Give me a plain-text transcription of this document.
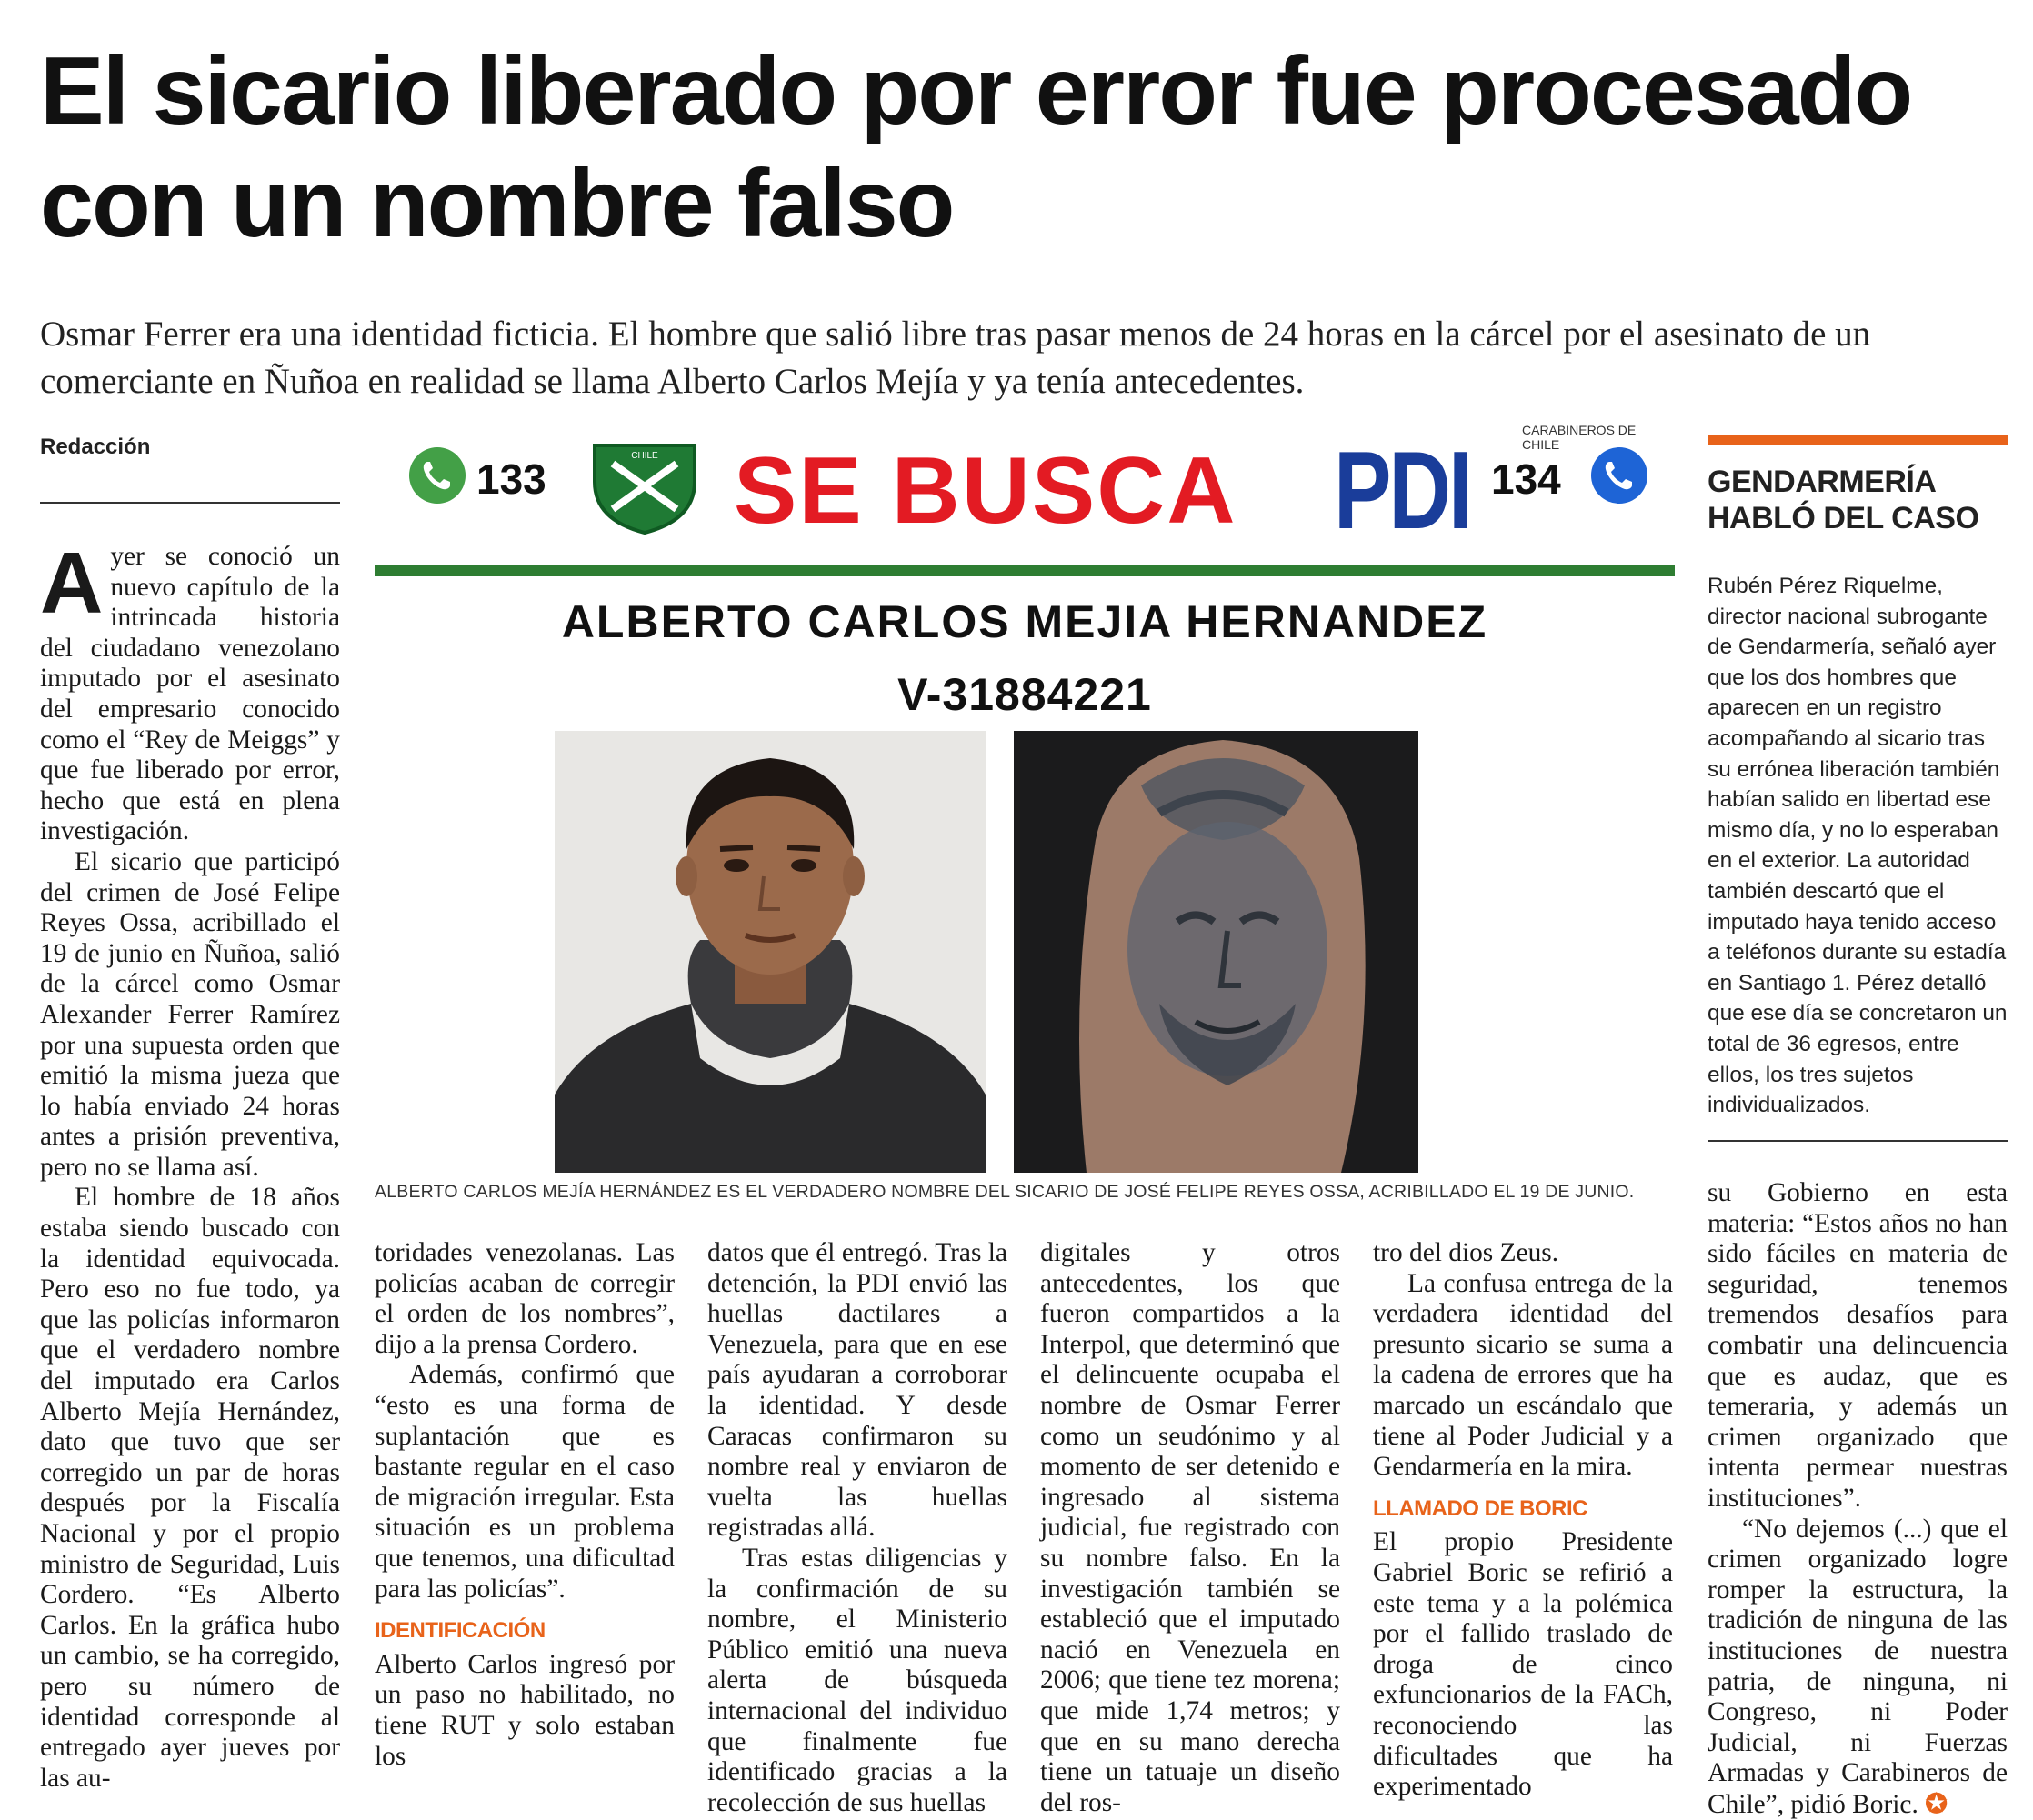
El sicario liberado por error fue procesado con un nombre falso

Osmar Ferrer era una identidad ficticia. El hombre que salió libre tras pasar menos de 24 horas en la cárcel por el asesinato de un comerciante en Ñuñoa en realidad se llama Alberto Carlos Mejía y ya tenía antecedentes.

Redacción

Ayer se conoció un nuevo capítulo de la intrincada historia del ciudadano venezolano imputado por el asesinato del empresario conocido como el “Rey de Meiggs” y que fue liberado por error, hecho que está en plena investigación.

El sicario que participó del crimen de José Felipe Reyes Ossa, acribillado el 19 de junio en Ñuñoa, salió de la cárcel como Osmar Alexander Ferrer Ramírez por una supuesta orden que emitió la misma jueza que lo había enviado 24 horas antes a prisión preventiva, pero no se llama así.

El hombre de 18 años estaba siendo buscado con la identidad equivocada. Pero eso no fue todo, ya que las policías informaron que el verdadero nombre del imputado era Carlos Alberto Mejía Hernández, dato que tuvo que ser corregido un par de horas después por la Fiscalía Nacional y por el propio ministro de Seguridad, Luis Cordero. “Es Alberto Carlos. En la gráfica hubo un cambio, se ha corregido, pero su número de identidad corresponde al entregado ayer jueves por las au-

133	CHILE SE BUSCA PDI	CARABINEROS DE CHILE
134
ALBERTO CARLOS MEJIA HERNANDEZ
V-31884221
ALBERTO CARLOS MEJÍA HERNÁNDEZ ES EL VERDADERO NOMBRE DEL SICARIO DE JOSÉ FELIPE REYES OSSA, ACRIBILLADO EL 19 DE JUNIO.

toridades venezolanas. Las policías acaban de corregir el orden de los nombres”, dijo a la prensa Cordero.

Además, confirmó que “esto es una forma de suplantación que es bastante regular en el caso de migración irregular. Esta situación es un problema que tenemos, una dificultad para las policías”.

IDENTIFICACIÓN

Alberto Carlos ingresó por un paso no habilitado, no tiene RUT y solo estaban los

datos que él entregó. Tras la detención, la PDI envió las huellas dactilares a Venezuela, para que en ese país ayudaran a corroborar la identidad. Y desde Caracas confirmaron su nombre real y enviaron de vuelta las huellas registradas allá.

Tras estas diligencias y la confirmación de su nombre, el Ministerio Público emitió una nueva alerta de búsqueda internacional del individuo que finalmente fue identificado gracias a la recolección de sus huellas

digitales y otros antecedentes, los que fueron compartidos a la Interpol, que determinó que el delincuente ocupaba el nombre de Osmar Ferrer como un seudónimo y al momento de ser detenido e ingresado al sistema judicial, fue registrado con su nombre falso. En la investigación también se estableció que el imputado nació en Venezuela en 2006; que tiene tez morena; que mide 1,74 metros; y que en su mano derecha tiene un tatuaje un diseño del ros-

tro del dios Zeus.

La confusa entrega de la verdadera identidad del presunto sicario se suma a la cadena de errores que ha marcado un escándalo que tiene al Poder Judicial y a Gendarmería en la mira.

LLAMADO DE BORIC

El propio Presidente Gabriel Boric se refirió a este tema y a la polémica por el fallido traslado de droga de cinco exfuncionarios de la FACh, reconociendo las dificultades que ha experimentado

GENDARMERÍA HABLÓ DEL CASO
Rubén Pérez Riquelme, director nacional subrogante de Gendarmería, señaló ayer que los dos hombres que aparecen en un registro acompañando al sicario tras su errónea liberación también habían salido en libertad ese mismo día, y no lo esperaban en el exterior. La autoridad también descartó que el imputado haya tenido acceso a teléfonos durante su estadía en Santiago 1. Pérez detalló que ese día se concretaron un total de 36 egresos, entre ellos, los tres sujetos individualizados.

su Gobierno en esta materia: “Estos años no han sido fáciles en materia de seguridad, tenemos tremendos desafíos para combatir una delincuencia que es audaz, que es temeraria, y además un crimen organizado que intenta permear nuestras instituciones”.

“No dejemos (...) que el crimen organizado logre romper la estructura, la tradición de ninguna de las instituciones de nuestra patria, de ninguna, ni Congreso, ni Poder Judicial, ni Fuerzas Armadas y Carabineros de Chile”, pidió Boric. ✪
